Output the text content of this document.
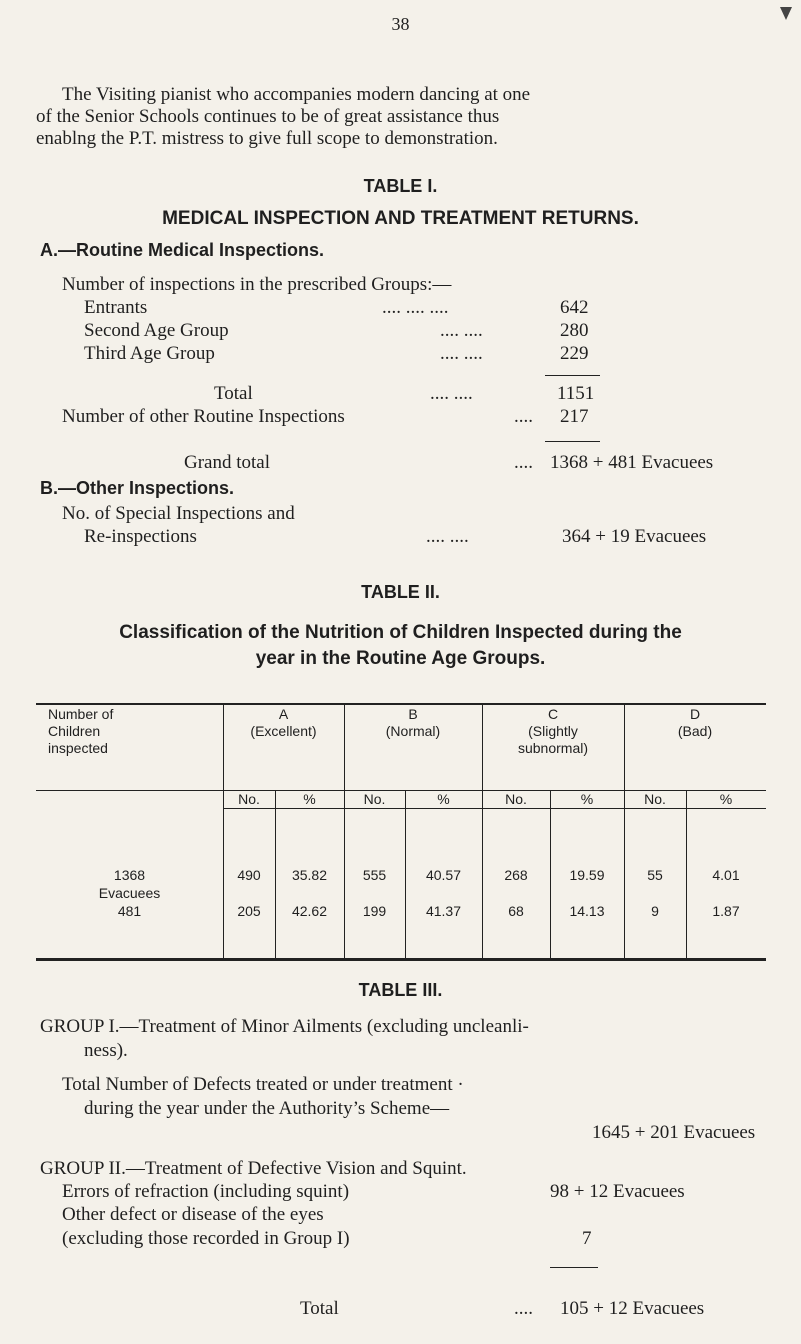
38
The Visiting pianist who accompanies modern dancing at one
of the Senior Schools continues to be of great assistance thus
enablng the P.T. mistress to give full scope to demonstration.
TABLE I.
MEDICAL INSPECTION AND TREATMENT RETURNS.
A.—Routine Medical Inspections.
Number of inspections in the prescribed Groups:—
Entrants	.... .... ....	642
Second Age Group	.... ....	280
Third Age Group	.... ....	229
Total	.... ....	1151
Number of other Routine Inspections	.... 217
Grand total	.... 1368 + 481 Evacuees
B.—Other Inspections.
No. of Special Inspections and
Re-inspections	.... ....	364 + 19 Evacuees
TABLE II.
Classification of the Nutrition of Children Inspected during the
year in the Routine Age Groups.
Number of
Children
inspected
A
(Excellent)
B
(Normal)
C
(Slightly
subnormal)
D
(Bad)
No.	%	No.	%	No.	%	No.	%
1368	490	35.82	555	40.57	268	19.59	55	4.01
Evacuees
481	205	42.62	199	41.37	68	14.13	9	1.87
TABLE III.
GROUP I.—Treatment of Minor Ailments (excluding uncleanli-
ness).
Total Number of Defects treated or under treatment ·
during the year under the Authority’s Scheme—
1645 + 201 Evacuees
GROUP II.—Treatment of Defective Vision and Squint.
Errors of refraction (including squint)	98 + 12 Evacuees
Other defect or disease of the eyes
(excluding those recorded in Group I)	7
Total	.... 105 + 12 Evacuees
